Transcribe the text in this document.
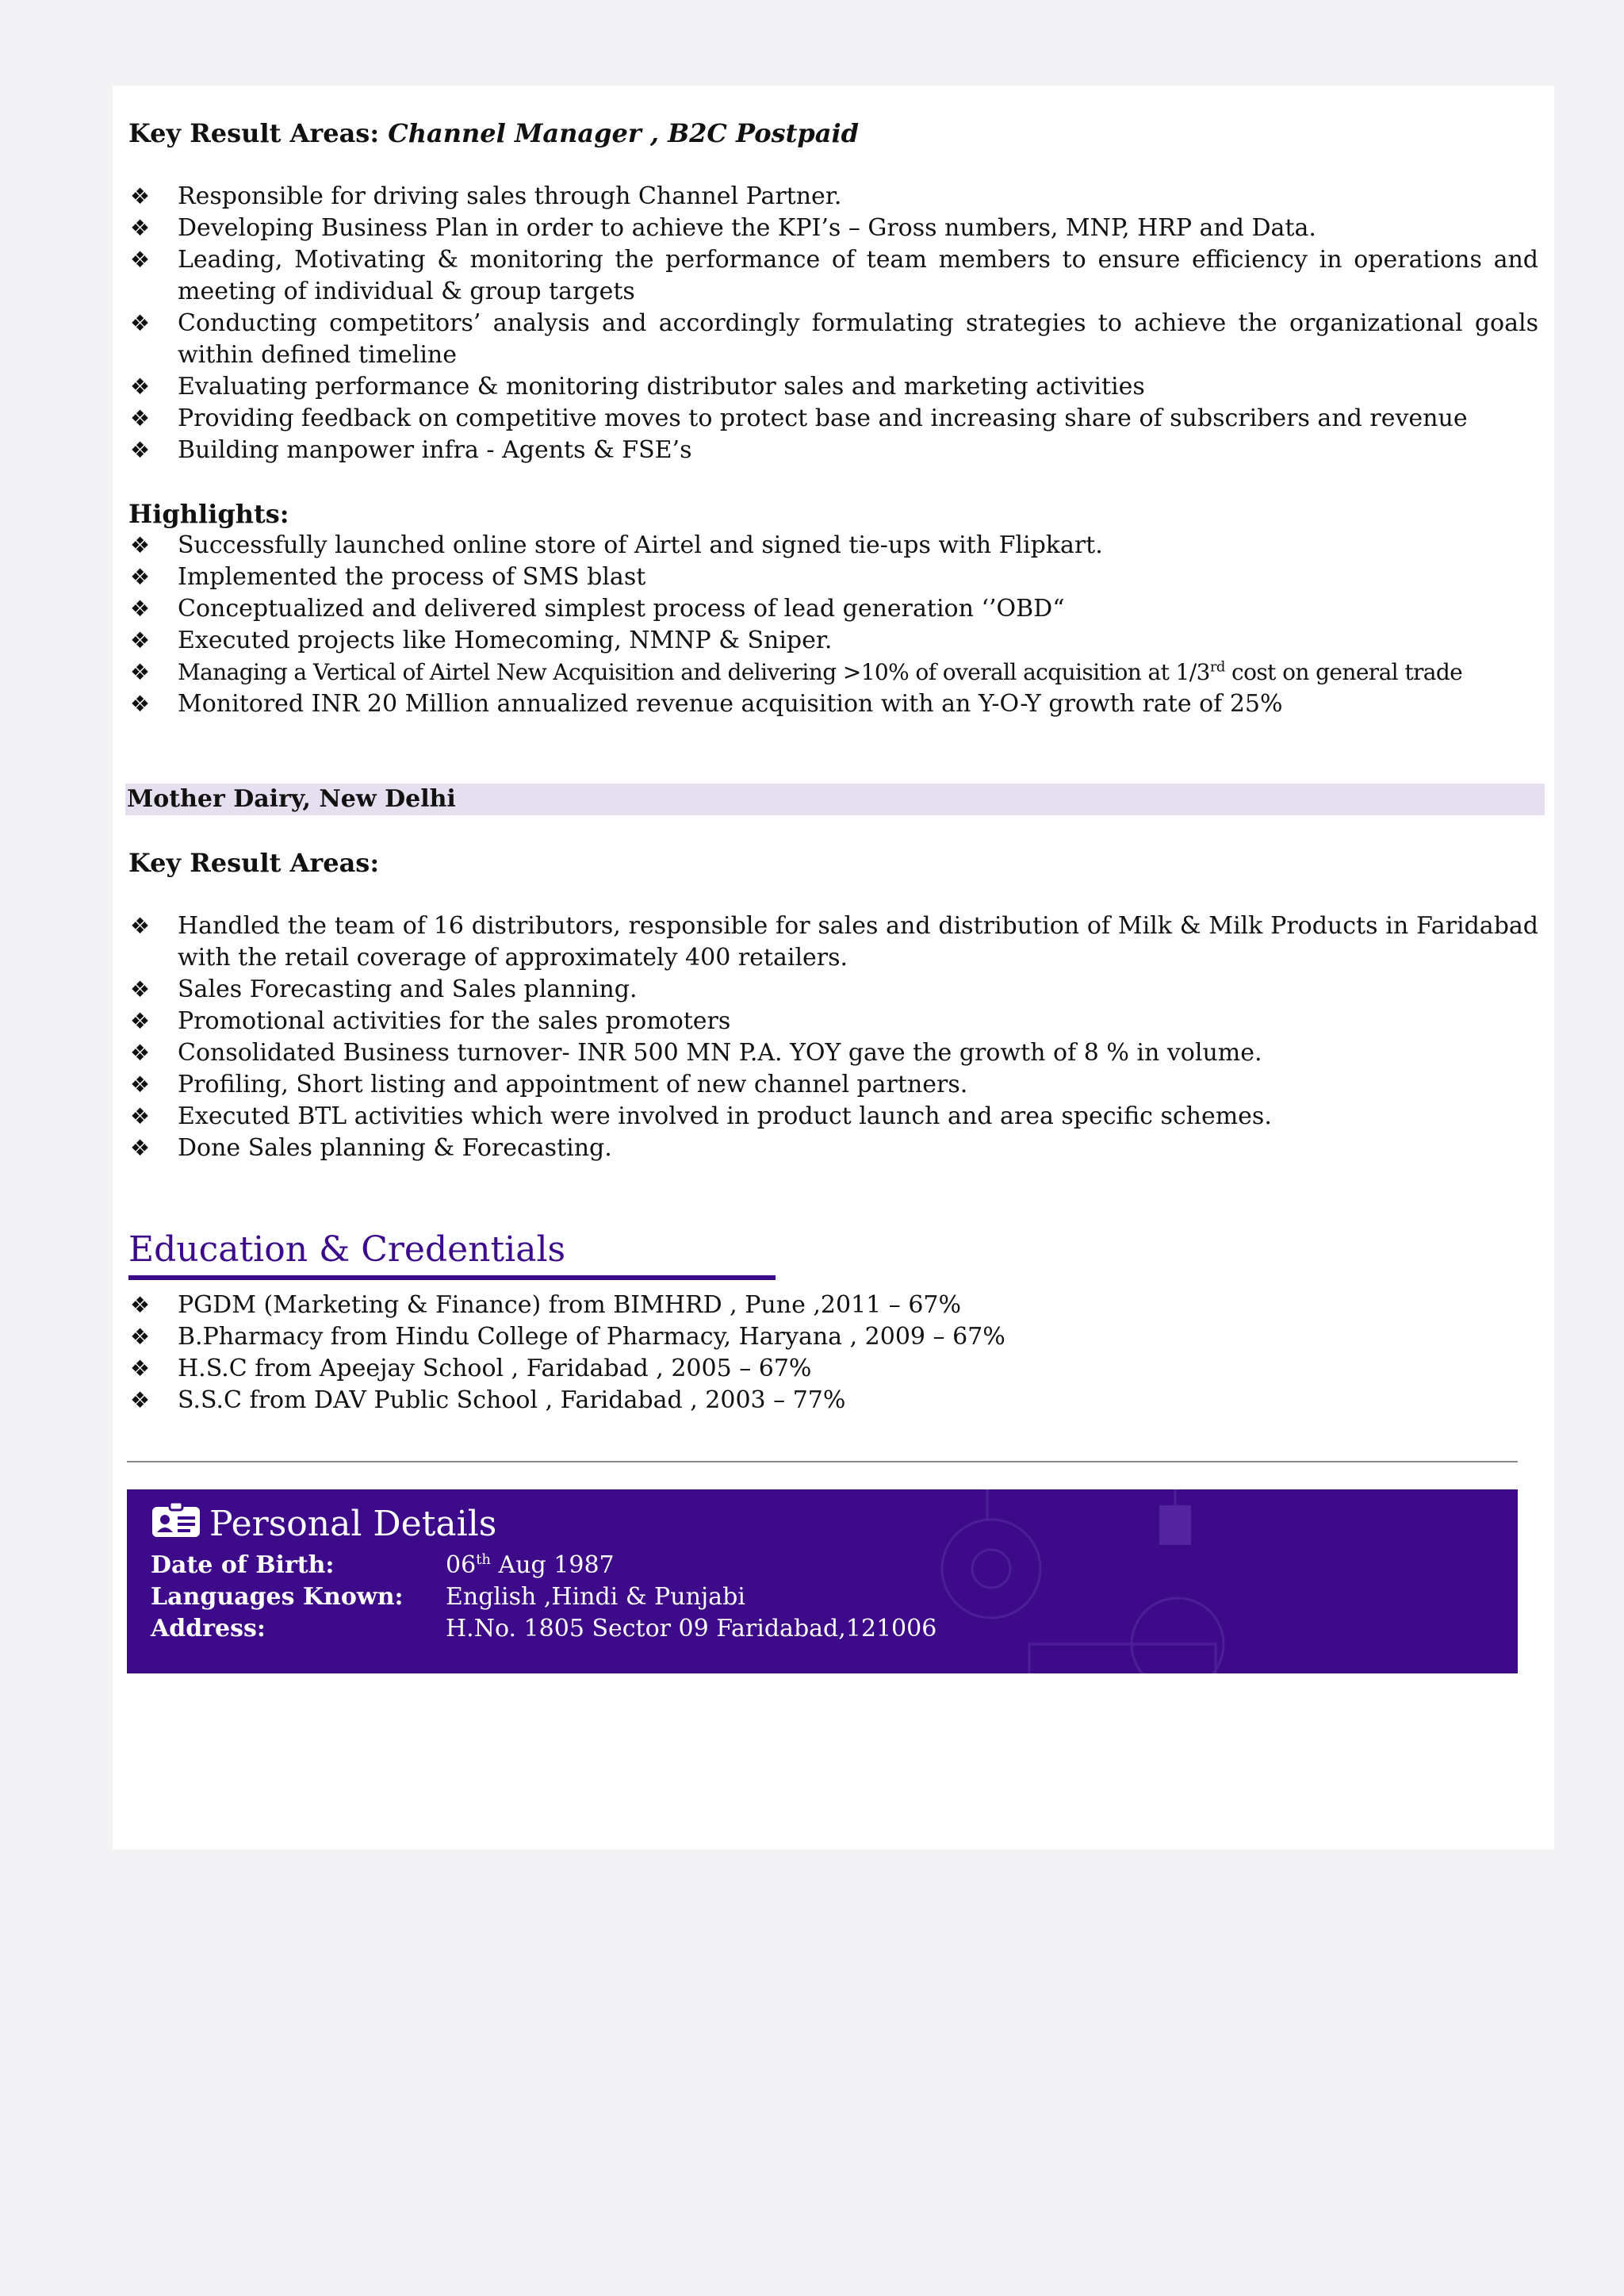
Key Result Areas: Channel Manager , B2C Postpaid

❖ Responsible for driving sales through Channel Partner.
❖ Developing Business Plan in order to achieve the KPI’s – Gross numbers, MNP, HRP and Data.
❖ Leading, Motivating & monitoring the performance of team members to ensure efficiency in operations and meeting of individual & group targets
❖ Conducting competitors’ analysis and accordingly formulating strategies to achieve the organizational goals within defined timeline
❖ Evaluating performance & monitoring distributor sales and marketing activities
❖ Providing feedback on competitive moves to protect base and increasing share of subscribers and revenue
❖ Building manpower infra - Agents & FSE’s

Highlights:

❖ Successfully launched online store of Airtel and signed tie-ups with Flipkart.
❖ Implemented the process of SMS blast
❖ Conceptualized and delivered simplest process of lead generation ‘’OBD“
❖ Executed projects like Homecoming, NMNP & Sniper.
❖ Managing a Vertical of Airtel New Acquisition and delivering >10% of overall acquisition at 1/3rd cost on general trade
❖ Monitored INR 20 Million annualized revenue acquisition with an Y-O-Y growth rate of 25%
Mother Dairy, New Delhi

Key Result Areas:

❖ Handled the team of 16 distributors, responsible for sales and distribution of Milk & Milk Products in Faridabad with the retail coverage of approximately 400 retailers.
❖ Sales Forecasting and Sales planning.
❖ Promotional activities for the sales promoters
❖ Consolidated Business turnover- INR 500 MN P.A. YOY gave the growth of 8 % in volume.
❖ Profiling, Short listing and appointment of new channel partners.
❖ Executed BTL activities which were involved in product launch and area specific schemes.
❖ Done Sales planning & Forecasting.

Education & Credentials

❖ PGDM (Marketing & Finance) from BIMHRD , Pune ,2011 – 67%
❖ B.Pharmacy from Hindu College of Pharmacy, Haryana , 2009 – 67%
❖ H.S.C from Apeejay School , Faridabad , 2005 – 67%
❖ S.S.C from DAV Public School , Faridabad , 2003 – 77%
Personal Details
Date of Birth:	06th Aug 1987
Languages Known: English ,Hindi & Punjabi
Address:	H.No. 1805 Sector 09 Faridabad,121006
